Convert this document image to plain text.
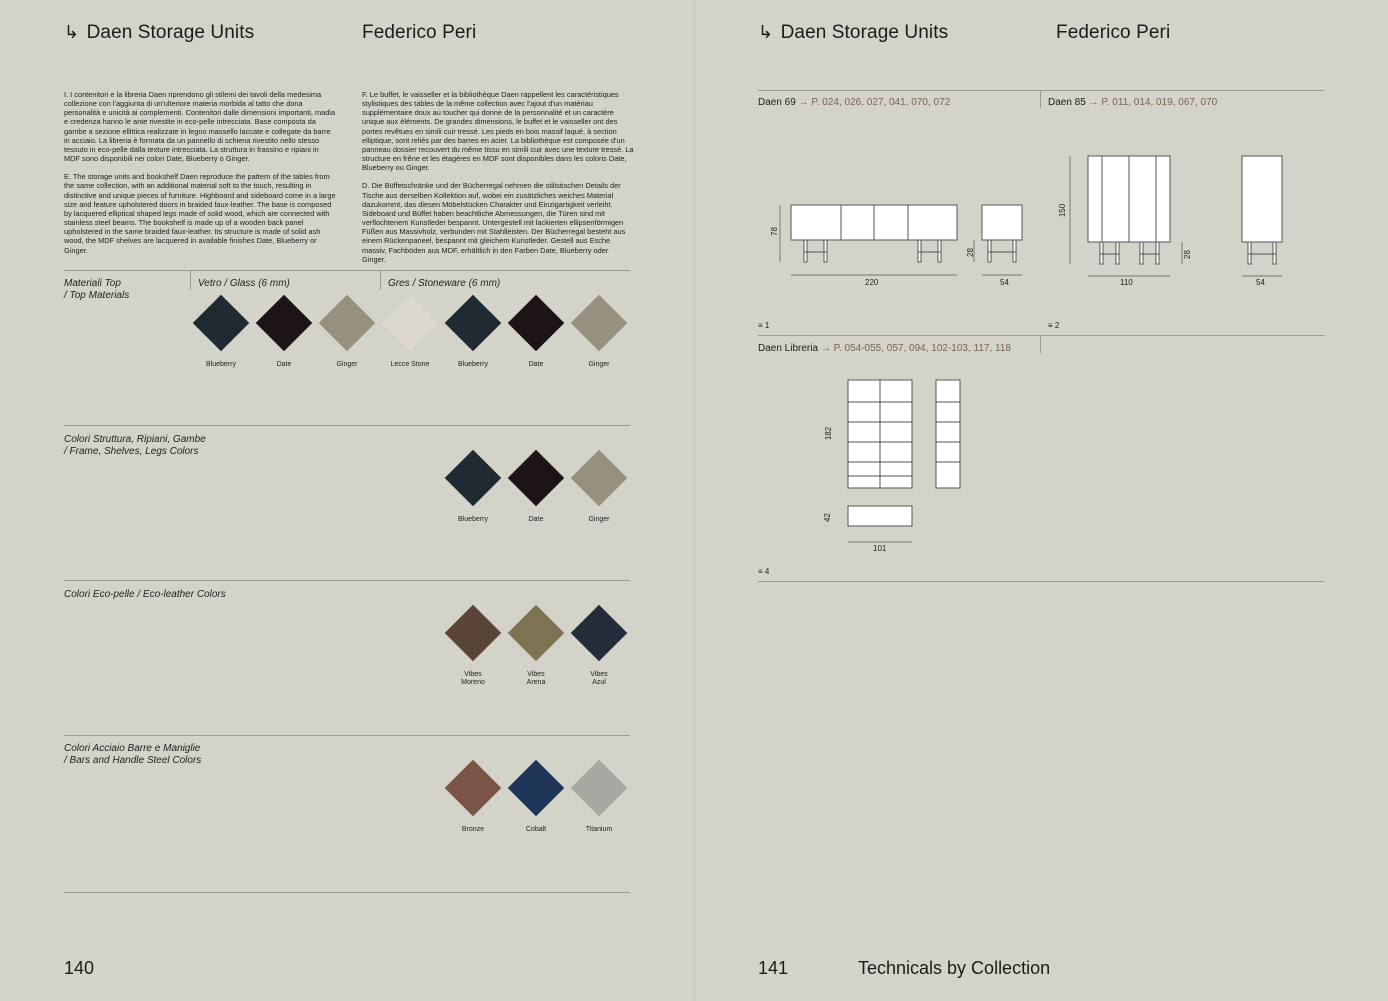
↳ Daen Storage Units	Federico Peri

I. I contenitori e la libreria Daen riprendono gli stilemi dei tavoli della medesima collezione con l'aggiunta di un'ulteriore materia morbida al tatto che dona personalità e unicità ai complementi. Contenitori dalle dimensioni importanti, madia e credenza hanno le ante rivestite in eco-pelle intrecciata. Base composta da gambe a sezione ellittica realizzate in legno massello laccate e collegate da barre in acciaio. La libreria è formata da un pannello di schiena rivestito nello stesso tessuto in eco-pelle dalla texture intrecciata. La struttura in frassino e ripiani in MDF sono disponibili nei colori Date, Blueberry o Ginger.

E. The storage units and bookshelf Daen reproduce the pattern of the tables from the same collection, with an additional material soft to the touch, resulting in distinctive and unique pieces of furniture. Highboard and sideboard come in a large size and feature upholstered doors in braided faux-leather. The base is composed by lacquered elliptical shaped legs made of solid wood, which are connected with stainless steel beams. The bookshelf is made up of a wooden back panel upholstered in the same braided faux-leather. Its structure is made of solid ash wood, the MDF shelves are lacquered in available finishes Date, Blueberry or Ginger.

F. Le buffet, le vaisseller et la bibliothèque Daen rappellent les caractéristiques stylistiques des tables de la même collection avec l'ajout d'un matériau supplémentaire doux au toucher qui donne de la personnalité et un caractère unique aux éléments. De grandes dimensions, le buffet et le vaisseller ont des portes revêtues en simili cuir tressé. Les pieds en bois massif laqué, à section elliptique, sont reliés par des barres en acier. La bibliothèque est composée d'un panneau dossier recouvert du même tissu en simili cuir avec une texture tressé. La structure en frêne et les étagères en MDF sont disponibles dans les coloris Date, Blueberry ou Ginger.

D. Die Büffetschränke und der Bücherregal nehmen die stilistischen Details der Tische aus derselben Kollektion auf, wobei ein zusätzliches weiches Material dazukommt, das diesen Möbelstücken Charakter und Einzigartigkeit verleiht. Sideboard und Büffet haben beachtliche Abmessungen, die Türen sind mit verflochtenem Kunstleder bespannt. Untergestell mit lackierten ellipsenförmigen Füßen aus Massivholz, verbunden mit Stahlleisten. Der Bücherregal besteht aus einem Rückenpaneel, bespannt mit gleichem Kunstleder. Gestell aus Esche massiv, Fachböden aus MDF, erhältlich in den Farben Date, Blueberry oder Ginger.

Materiali Top
/ Top Materials
Vetro / Glass (6 mm)	Gres / Stoneware (6 mm)
Blueberry	Date	Ginger	Lecce Stone	Blueberry	Date	Ginger
Colori Struttura, Ripiani, Gambe
/ Frame, Shelves, Legs Colors
Blueberry	Date	Ginger
Colori Eco-pelle / Eco-leather Colors
Vibes
Moreno
Vibes
Arena
Vibes
Azul
Colori Acciaio Barre e Maniglie
/ Bars and Handle Steel Colors
Bronze	Cobalt	Titanium
140
↳ Daen Storage Units	Federico Peri
Daen 69 → P. 024, 026, 027, 041, 070, 072	Daen 85 → P. 011, 014, 019, 067, 070
78
220	54
28
≡ 1
150
110	54
28
≡ 2
Daen Libreria → P. 054-055, 057, 094, 102-103, 117, 118
182
42
101
≡ 4
141	Technicals by Collection
